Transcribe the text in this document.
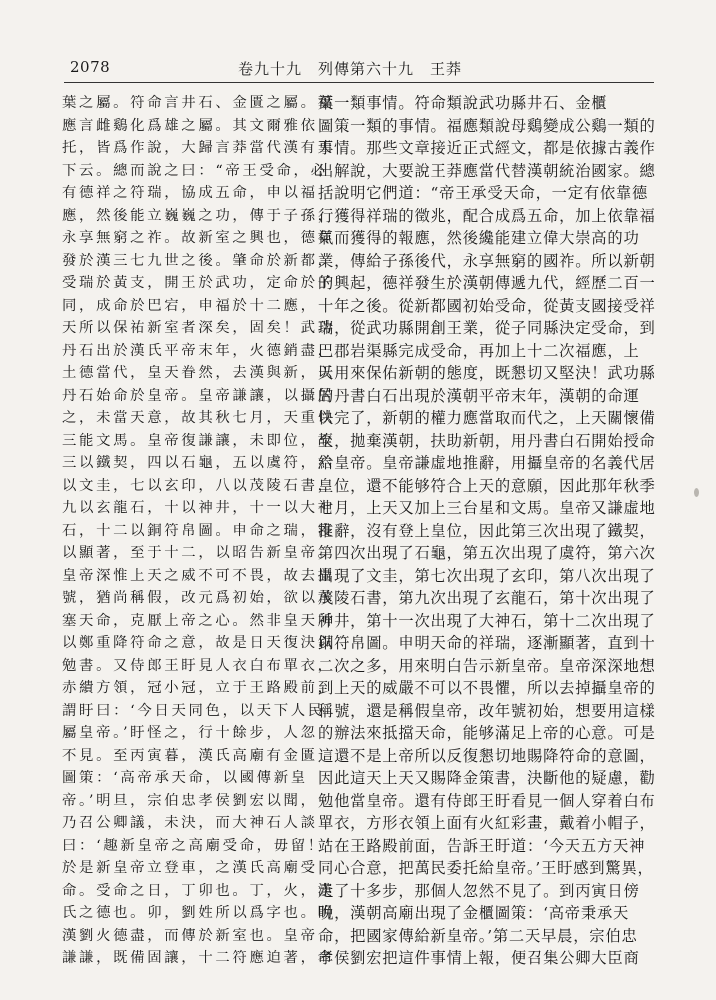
2078	卷九十九　列傳第六十九　王莽
葉之屬。符命言井石、金匱之屬。福
應言雌鷄化爲雄之屬。其文爾雅依
托，皆爲作說，大歸言莽當代漢有天
下云。總而說之曰：“帝王受命，必
有德祥之符瑞，協成五命，申以福
應，然後能立巍巍之功，傳于子孫，
永享無窮之祚。故新室之興也，德祥
發於漢三七九世之後。肇命於新都，
受瑞於黃支，開王於武功，定命於子
同，成命於巴宕，申福於十二應，
天所以保祐新室者深矣，固矣！武功
丹石出於漢氏平帝末年，火德銷盡，
土德當代，皇天眷然，去漢與新，以
丹石始命於皇帝。皇帝謙讓，以攝居
之，未當天意，故其秋七月，天重以
三能文馬。皇帝復謙讓，未即位，故
三以鐵契，四以石龜，五以虞符，六
以文圭，七以玄印，八以茂陵石書，
九以玄龍石，十以神井，十一以大神
石，十二以銅符帛圖。申命之瑞，寖
以顯著，至于十二，以昭告新皇帝。
皇帝深惟上天之威不可不畏，故去攝
號，猶尚稱假，改元爲初始，欲以承
塞天命，克厭上帝之心。然非皇天所
以鄭重降符命之意，故是日天復決以
勉書。又侍郎王盱見人衣白布單衣，
赤繢方領，冠小冠，立于王路殿前，
謂盱曰：‘今日天同色，以天下人民
屬皇帝。’盱怪之，行十餘步，人忽
不見。至丙寅暮，漢氏高廟有金匱
圖策：‘高帝承天命，以國傳新皇
帝。’明旦，宗伯忠孝侯劉宏以聞，
乃召公卿議，未決，而大神石人談
曰：‘趣新皇帝之高廟受命，毋留！’
於是新皇帝立登車，之漢氏高廟受
命。受命之日，丁卯也。丁，火，漢
氏之德也。卯，劉姓所以爲字也。明
漢劉火德盡，而傳於新室也。皇帝
謙謙，既備固讓，十二符應迫著，命
葉一類事情。符命類說武功縣井石、金櫃
圖策一類的事情。福應類說母鷄變成公鷄一類的
事情。那些文章接近正式經文，都是依據古義作
出解說，大要說王莽應當代替漢朝統治國家。總
括說明它們道：“帝王承受天命，一定有依靠德
行獲得祥瑞的徵兆，配合成爲五命，加上依靠福
氣而獲得的報應，然後纔能建立偉大崇高的功
業，傳給子孫後代，永享無窮的國祚。所以新朝
的興起，德祥發生於漢朝傳遞九代，經歷二百一
十年之後。從新都國初始受命，從黃支國接受祥
瑞，從武功縣開創王業，從子同縣決定受命，到
巴郡岩渠縣完成受命，再加上十二次福應，上
天用來保佑新朝的態度，既懇切又堅決！武功縣
的丹書白石出現於漢朝平帝末年，漢朝的命運
快完了，新朝的權力應當取而代之，上天關懷備
至，拋棄漢朝，扶助新朝，用丹書白石開始授命
給皇帝。皇帝謙虛地推辭，用攝皇帝的名義代居
皇位，還不能够符合上天的意願，因此那年秋季
七月，上天又加上三台星和文馬。皇帝又謙虛地
推辭，沒有登上皇位，因此第三次出現了鐵契，
第四次出現了石龜，第五次出現了虞符，第六次
出現了文圭，第七次出現了玄印，第八次出現了
茂陵石書，第九次出現了玄龍石，第十次出現了
神井，第十一次出現了大神石，第十二次出現了
銅符帛圖。申明天命的祥瑞，逐漸顯著，直到十
二次之多，用來明白告示新皇帝。皇帝深深地想
到上天的威嚴不可以不畏懼，所以去掉攝皇帝的
稱號，還是稱假皇帝，改年號初始，想要用這樣
的辦法來抵擋天命，能够滿足上帝的心意。可是
這還不是上帝所以反復懇切地賜降符命的意圖，
因此這天上天又賜降金策書，決斷他的疑慮，勸
勉他當皇帝。還有侍郎王盱看見一個人穿着白布
單衣，方形衣領上面有火紅彩畫，戴着小帽子，
站在王路殿前面，告訴王盱道：‘今天五方天神
同心合意，把萬民委托給皇帝。’王盱感到驚異，
走了十多步，那個人忽然不見了。到丙寅日傍
晚，漢朝高廟出現了金櫃圖策：‘高帝秉承天
命，把國家傳給新皇帝。’第二天早晨，宗伯忠
孝侯劉宏把這件事情上報，便召集公卿大臣商
